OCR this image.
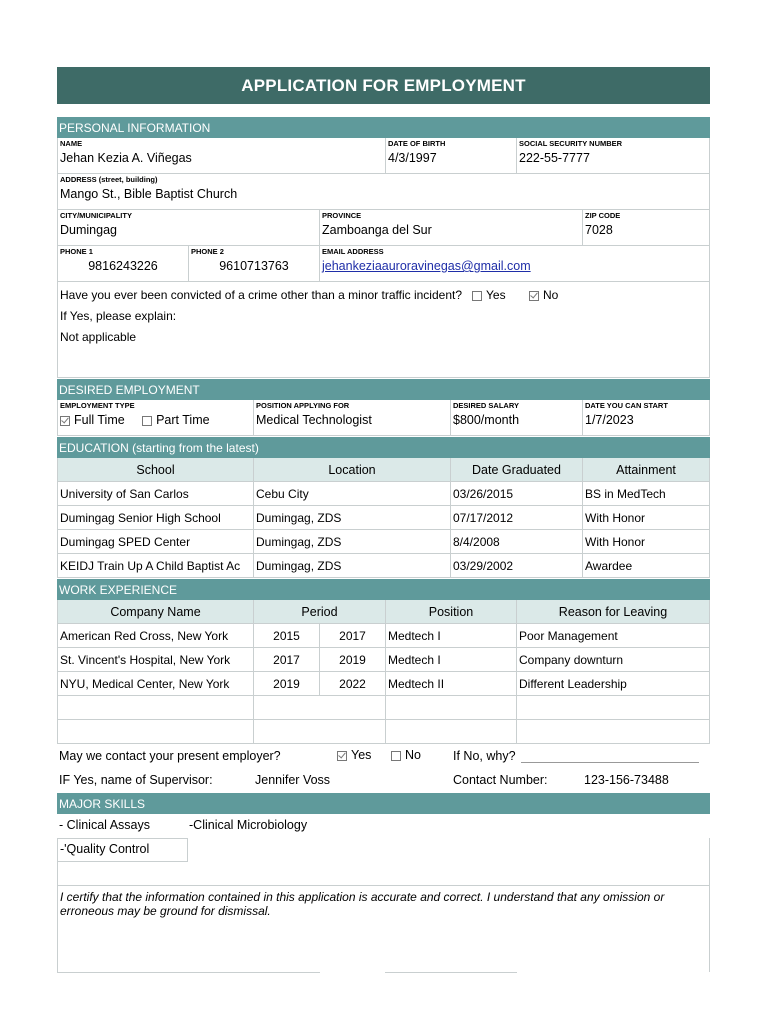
APPLICATION FOR EMPLOYMENT
PERSONAL INFORMATION
NAME
Jehan Kezia A. Viñegas
DATE OF BIRTH
4/3/1997
SOCIAL SECURITY NUMBER
222-55-7777
ADDRESS (street, building)
Mango St., Bible Baptist Church
CITY/MUNICIPALITY
Dumingag
PROVINCE
Zamboanga del Sur
ZIP CODE
7028
PHONE 1
9816243226
PHONE 2
9610713763
EMAIL ADDRESS
jehankeziaauroravinegas@gmail.com
Have you ever been convicted of a crime other than a minor traffic incident? Yes	No
If Yes, please explain:
Not applicable
DESIRED EMPLOYMENT
EMPLOYMENT TYPE
Full Time	Part Time
POSITION APPLYING FOR
Medical Technologist
DESIRED SALARY
$800/month
DATE YOU CAN START
1/7/2023
EDUCATION (starting from the latest)
School	Location	Date Graduated	Attainment
University of San Carlos	Cebu City	03/26/2015	BS in MedTech
Dumingag Senior High School	Dumingag, ZDS	07/17/2012	With Honor
Dumingag SPED Center	Dumingag, ZDS	8/4/2008	With Honor
KEIDJ Train Up A Child Baptist Ac	Dumingag, ZDS	03/29/2002	Awardee
WORK EXPERIENCE
Company Name	Period	Position	Reason for Leaving
American Red Cross, New York	2015	2017	Medtech I	Poor Management
St. Vincent's Hospital, New York	2017	2019	Medtech I	Company downturn
NYU, Medical Center, New York	2019	2022	Medtech II	Different Leadership
May we contact your present employer?	Yes	No	If No, why?
IF Yes, name of Supervisor:	Jennifer Voss	Contact Number:	123-156-73488
MAJOR SKILLS
- Clinical Assays	-Clinical Microbiology
-'Quality Control
I certify that the information contained in this application is accurate and correct. I understand that any omission or erroneous may be ground for dismissal.
